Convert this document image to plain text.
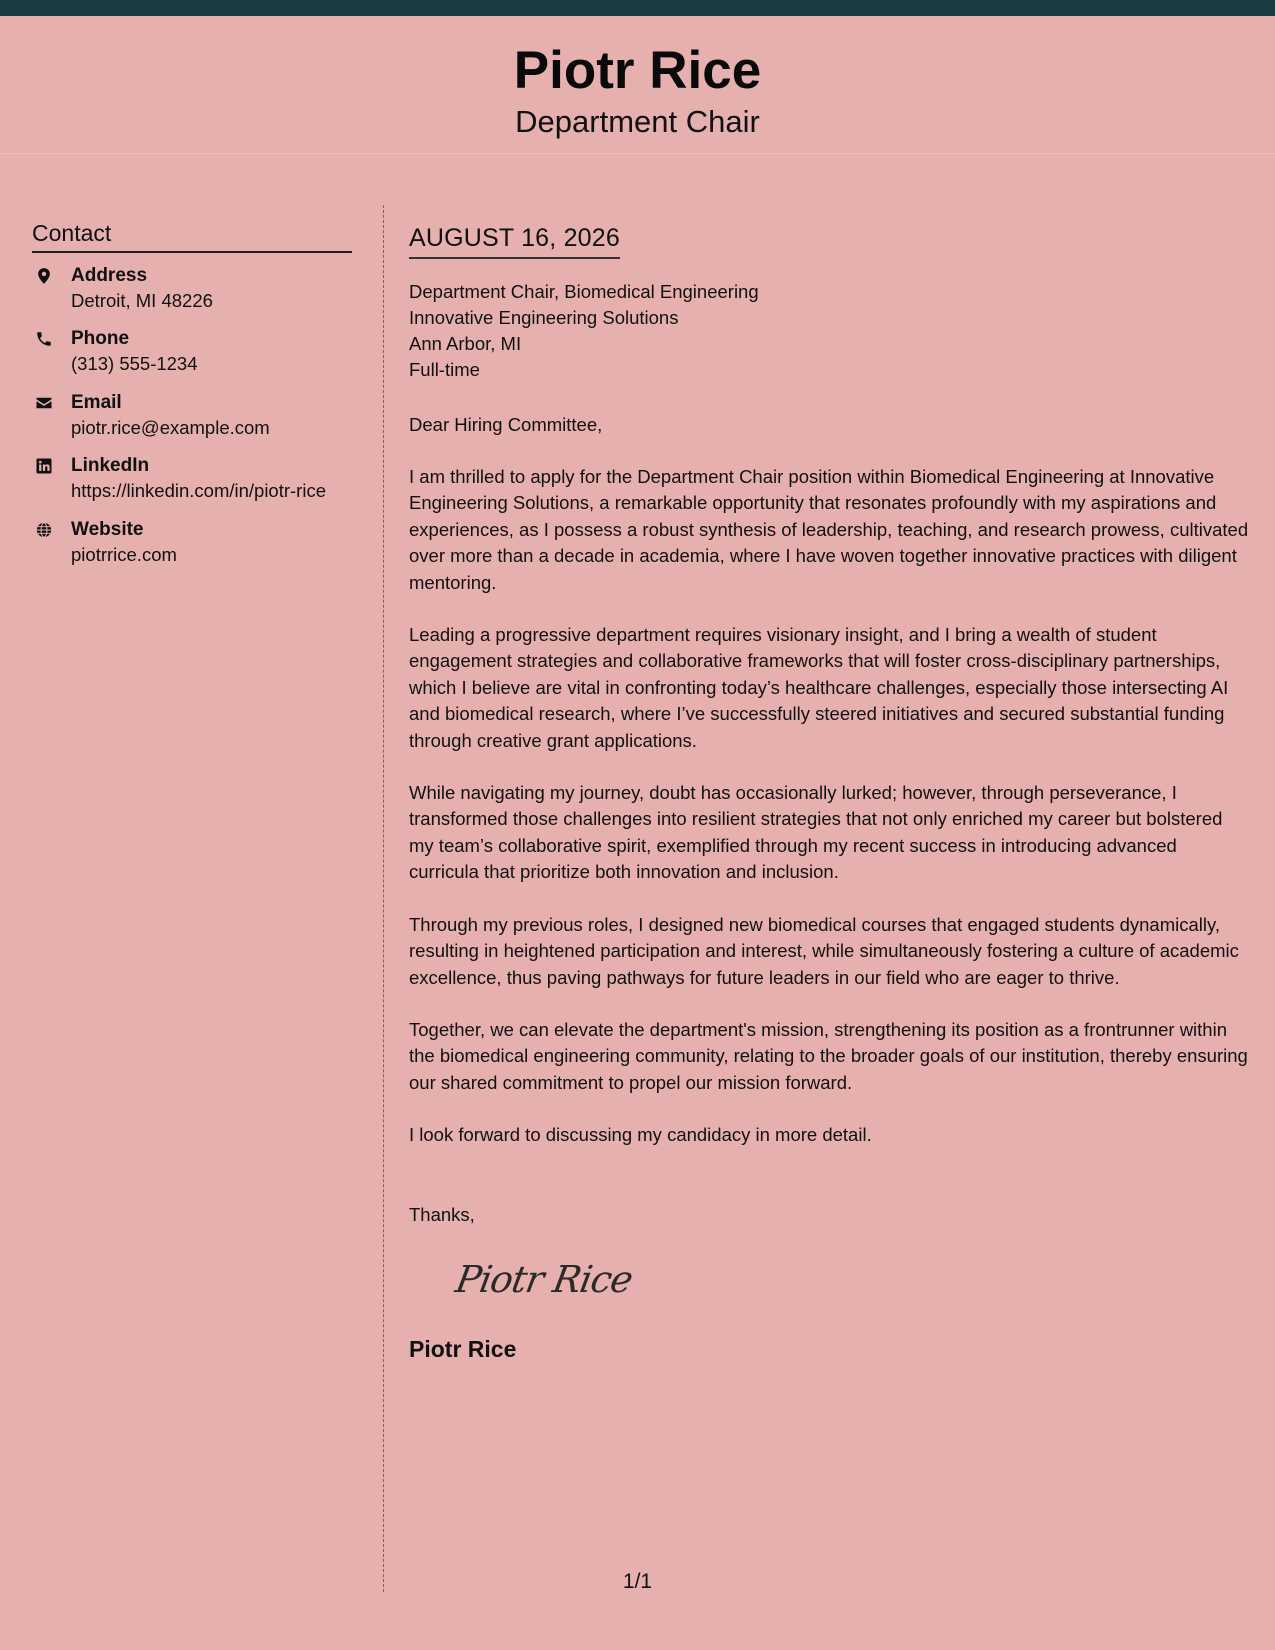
Piotr Rice
Department Chair
Contact
Address
Detroit, MI 48226
Phone
(313) 555-1234
Email
piotr.rice@example.com
LinkedIn
https://linkedin.com/in/piotr-rice
Website
piotrrice.com
AUGUST 16, 2026
Department Chair, Biomedical Engineering
Innovative Engineering Solutions
Ann Arbor, MI
Full-time
Dear Hiring Committee,

I am thrilled to apply for the Department Chair position within Biomedical Engineering at Innovative Engineering Solutions, a remarkable opportunity that resonates profoundly with my aspirations and experiences, as I possess a robust synthesis of leadership, teaching, and research prowess, cultivated over more than a decade in academia, where I have woven together innovative practices with diligent mentoring.

Leading a progressive department requires visionary insight, and I bring a wealth of student engagement strategies and collaborative frameworks that will foster cross-disciplinary partnerships, which I believe are vital in confronting today’s healthcare challenges, especially those intersecting AI and biomedical research, where I’ve successfully steered initiatives and secured substantial funding through creative grant applications.

While navigating my journey, doubt has occasionally lurked; however, through perseverance, I transformed those challenges into resilient strategies that not only enriched my career but bolstered my team’s collaborative spirit, exemplified through my recent success in introducing advanced curricula that prioritize both innovation and inclusion.

Through my previous roles, I designed new biomedical courses that engaged students dynamically, resulting in heightened participation and interest, while simultaneously fostering a culture of academic excellence, thus paving pathways for future leaders in our field who are eager to thrive.

Together, we can elevate the department's mission, strengthening its position as a frontrunner within the biomedical engineering community, relating to the broader goals of our institution, thereby ensuring our shared commitment to propel our mission forward.

I look forward to discussing my candidacy in more detail.
Thanks,
Piotr Rice
Piotr Rice
1/1
